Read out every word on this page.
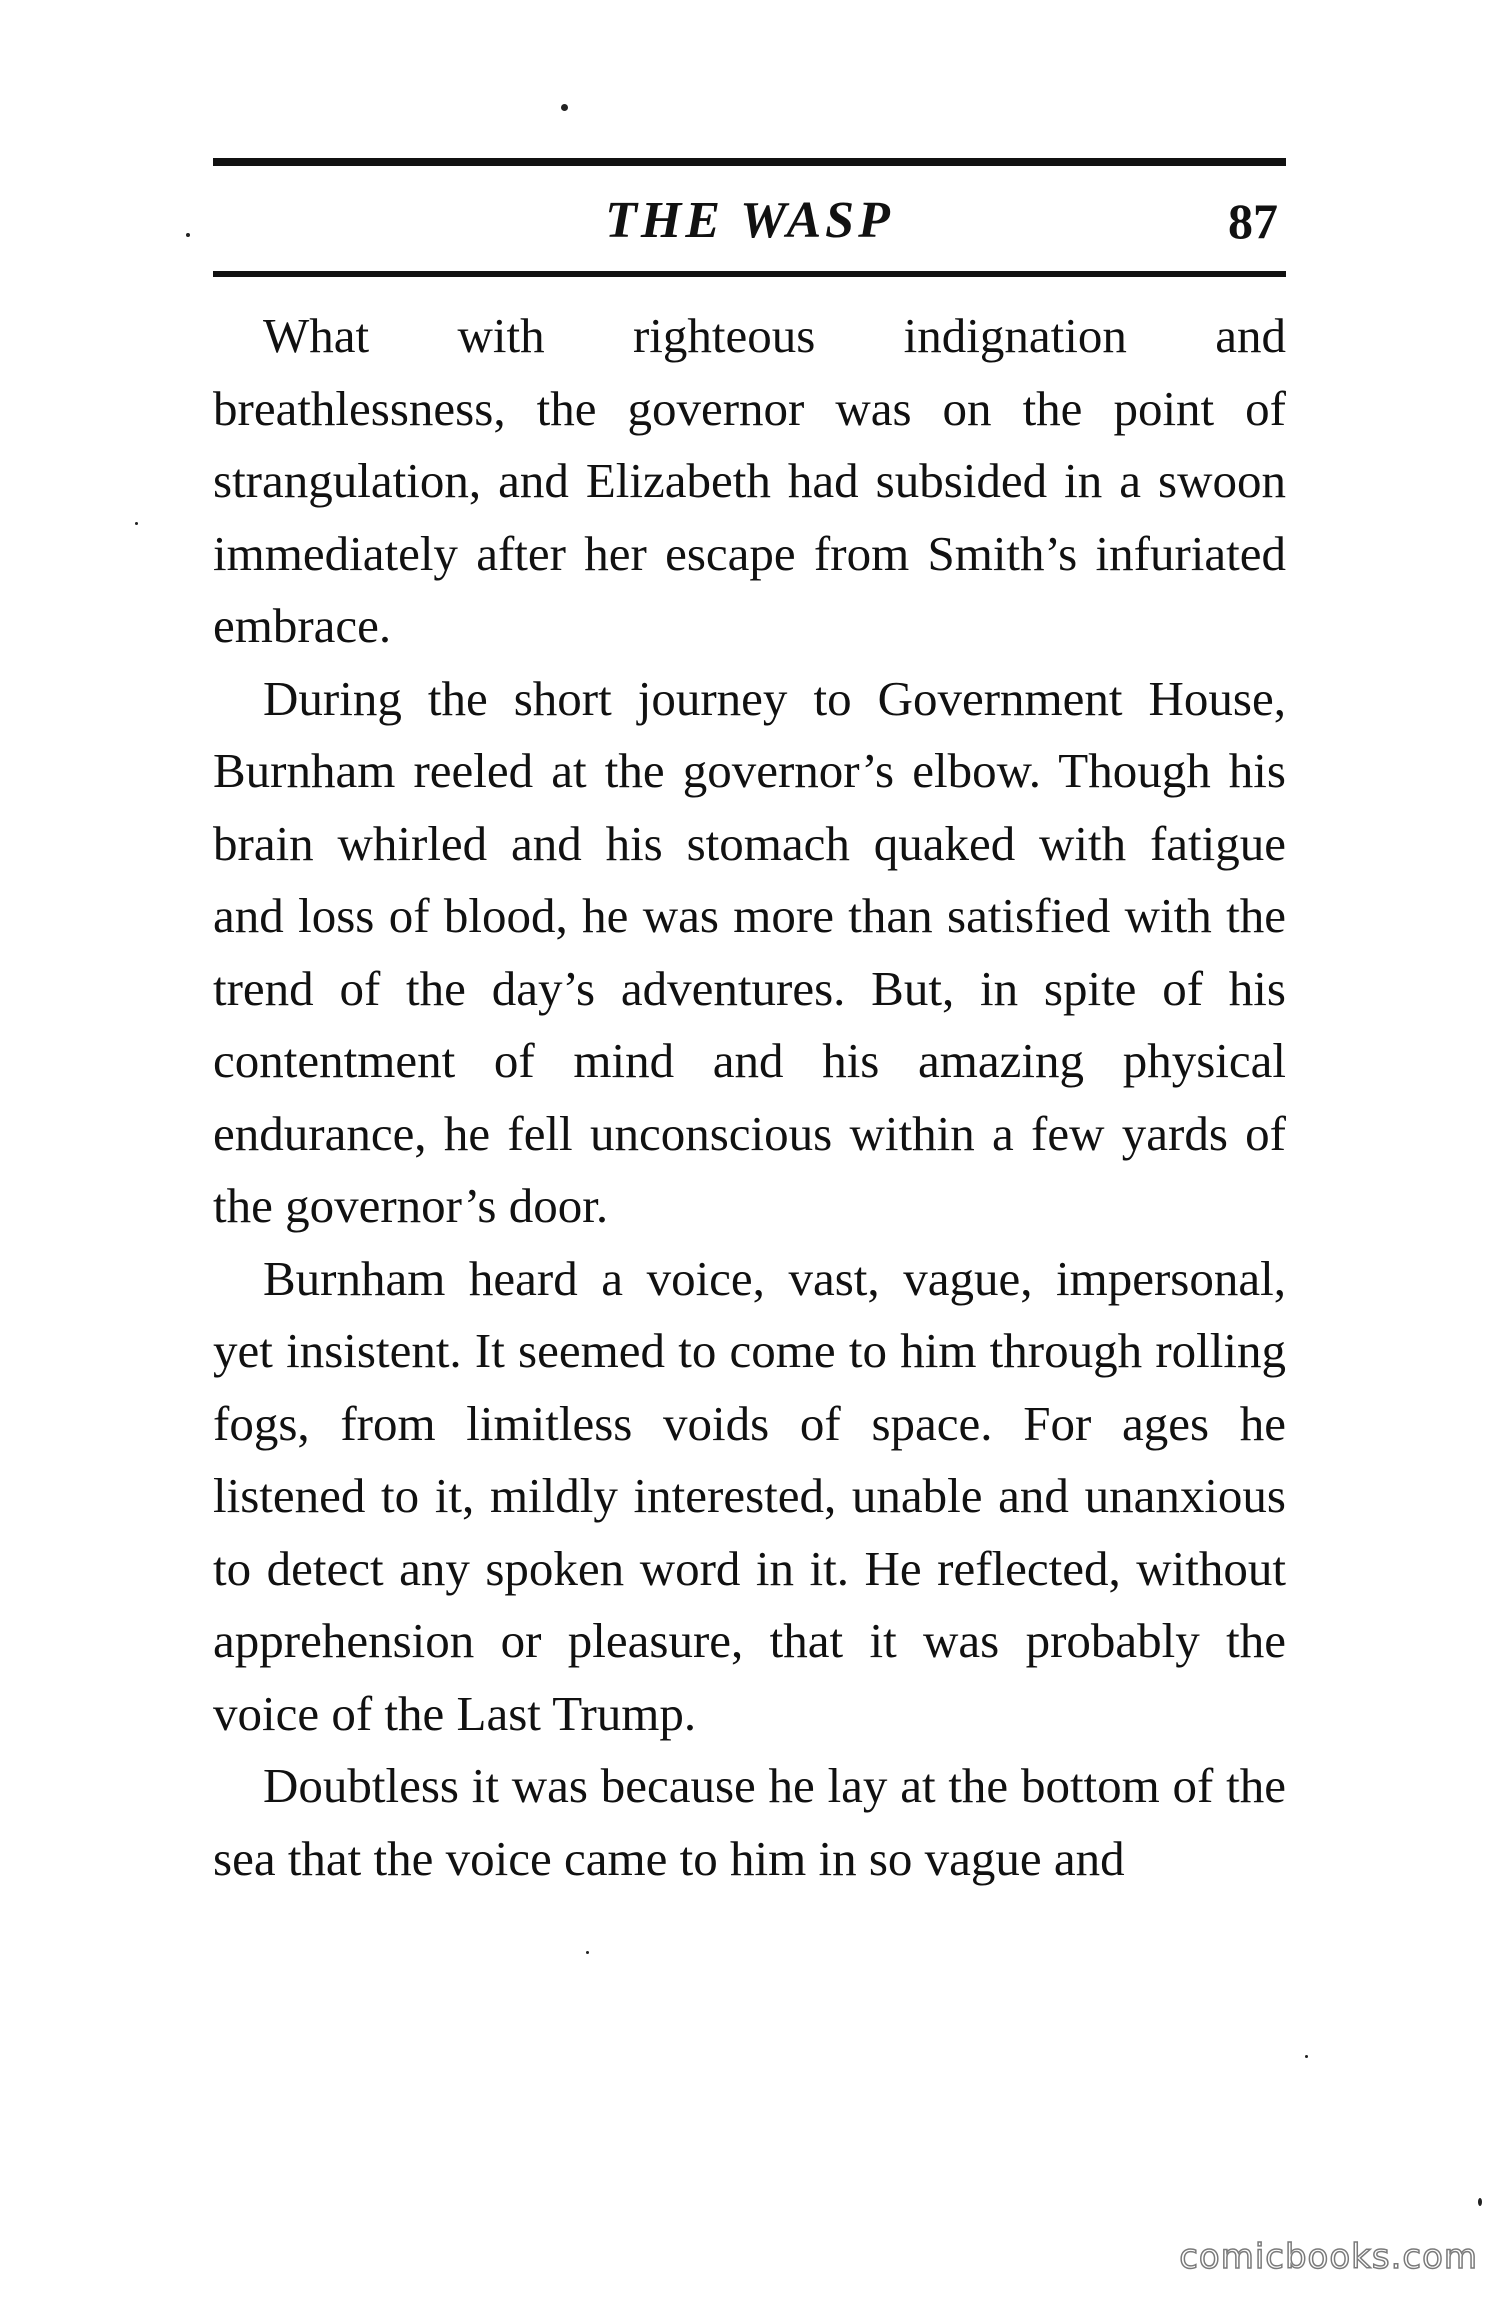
THE WASP	87

What with righteous indignation and breathlessness, the governor was on the point of strangulation, and Elizabeth had subsided in a swoon immediately after her escape from Smith’s infuriated embrace.

During the short journey to Government House, Burnham reeled at the governor’s elbow. Though his brain whirled and his stomach quaked with fatigue and loss of blood, he was more than satisfied with the trend of the day’s adventures. But, in spite of his contentment of mind and his amazing physical endurance, he fell unconscious within a few yards of the governor’s door.

Burnham heard a voice, vast, vague, impersonal, yet insistent. It seemed to come to him through rolling fogs, from limitless voids of space. For ages he listened to it, mildly interested, unable and unanxious to detect any spoken word in it. He reflected, without apprehension or pleasure, that it was probably the voice of the Last Trump.

Doubtless it was because he lay at the bottom of the sea that the voice came to him in so vague and

comicbooks.com
